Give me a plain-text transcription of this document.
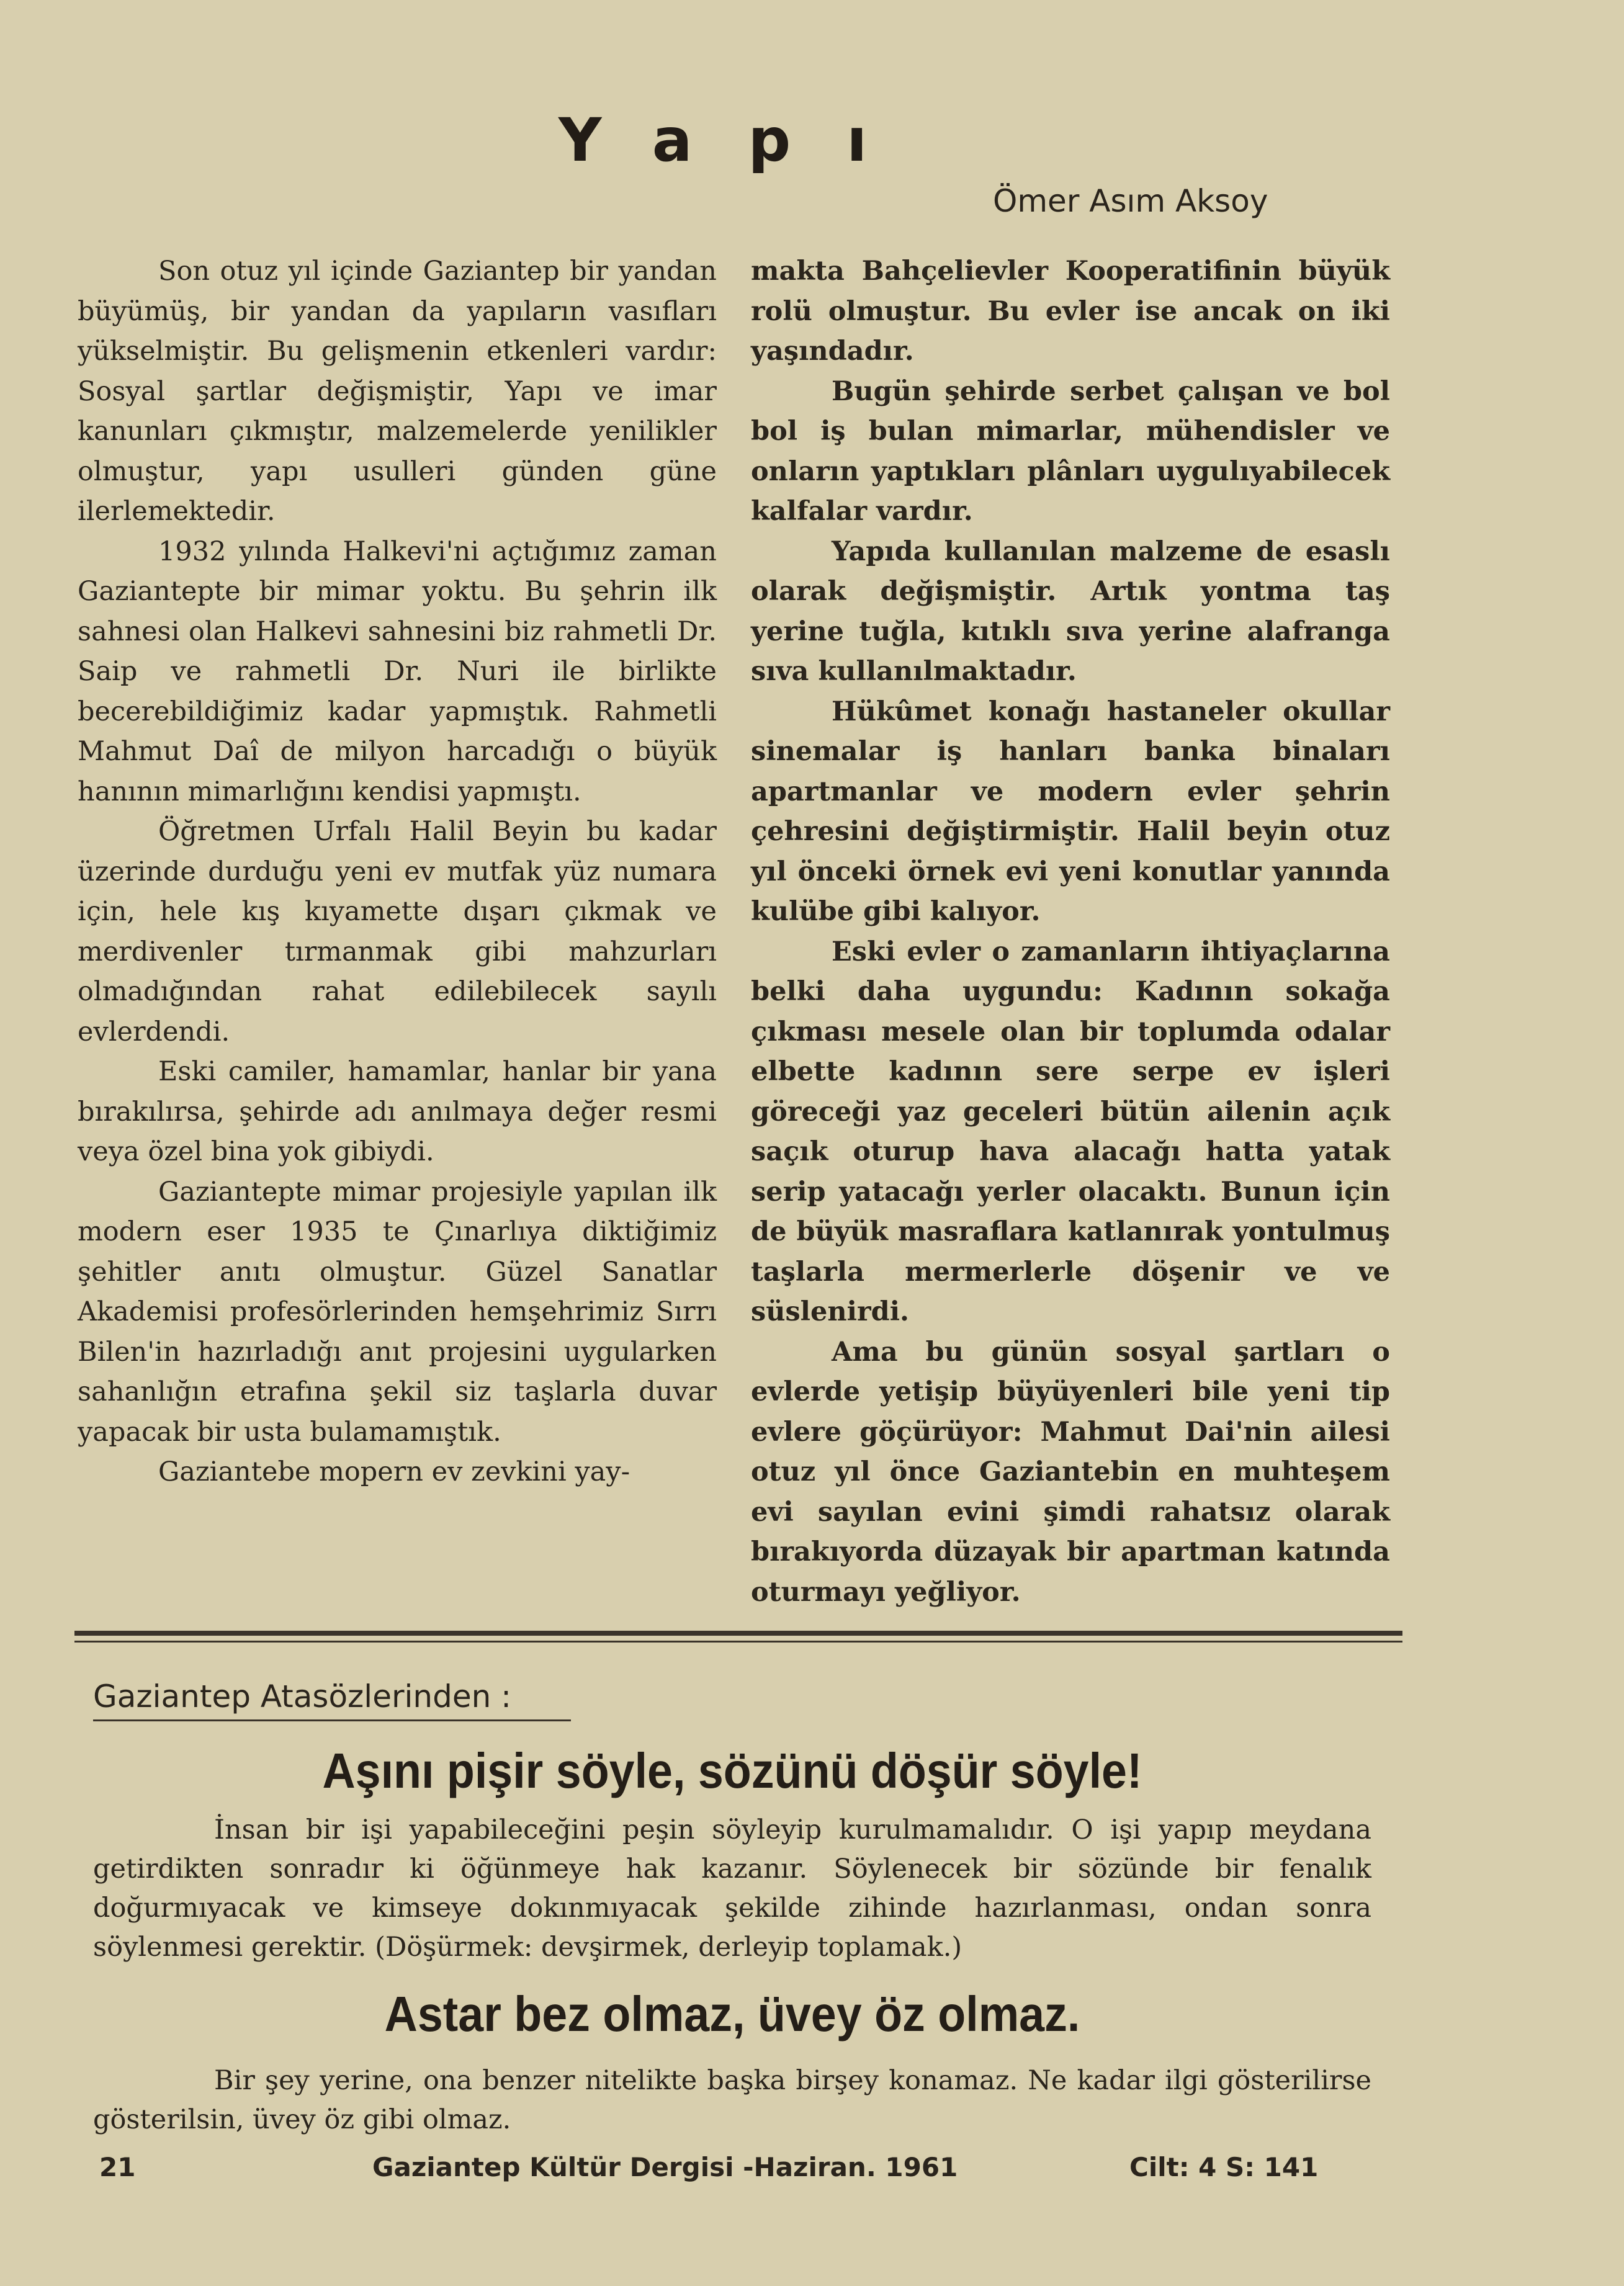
Yapı
Ömer Asım Aksoy

Son otuz yıl içinde Gaziantep bir yandan büyümüş, bir yandan da yapıların vasıfları yükselmiştir. Bu gelişmenin etkenleri vardır: Sosyal şartlar değişmiştir, Yapı ve imar kanunları çıkmıştır, malzemelerde yenilikler olmuştur, yapı usulleri günden güne ilerlemektedir.

1932 yılında Halkevi'ni açtığımız zaman Gaziantepte bir mimar yoktu. Bu şehrin ilk sahnesi olan Halkevi sahnesini biz rahmetli Dr. Saip ve rahmetli Dr. Nuri ile birlikte becerebildiğimiz kadar yapmıştık. Rahmetli Mahmut Daî de milyon harcadığı o büyük hanının mimarlığını kendisi yapmıştı.

Öğretmen Urfalı Halil Beyin bu kadar üzerinde durduğu yeni ev mutfak yüz numara için, hele kış kıyamette dışarı çıkmak ve merdivenler tırmanmak gibi mahzurları olmadığından rahat edilebilecek sayılı evlerdendi.

Eski camiler, hamamlar, hanlar bir yana bırakılırsa, şehirde adı anılmaya değer resmi veya özel bina yok gibiydi.

Gaziantepte mimar projesiyle yapılan ilk modern eser 1935 te Çınarlıya diktiğimiz şehitler anıtı olmuştur. Güzel Sanatlar Akademisi profesörlerinden hemşehrimiz Sırrı Bilen'in hazırladığı anıt projesini uygularken sahanlığın etrafına şekil siz taşlarla duvar yapacak bir usta bulamamıştık.

Gaziantebe mopern ev zevkini yay-

makta Bahçelievler Kooperatifinin büyük rolü olmuştur. Bu evler ise ancak on iki yaşındadır.

Bugün şehirde serbet çalışan ve bol bol iş bulan mimarlar, mühendisler ve onların yaptıkları plânları uygulıyabilecek kalfalar vardır.

Yapıda kullanılan malzeme de esaslı olarak değişmiştir. Artık yontma taş yerine tuğla, kıtıklı sıva yerine alafranga sıva kullanılmaktadır.

Hükûmet konağı hastaneler okullar sinemalar iş hanları banka binaları apartmanlar ve modern evler şehrin çehresini değiştirmiştir. Halil beyin otuz yıl önceki örnek evi yeni konutlar yanında kulübe gibi kalıyor.

Eski evler o zamanların ihtiyaçlarına belki daha uygundu: Kadının sokağa çıkması mesele olan bir toplumda odalar elbette kadının sere serpe ev işleri göreceği yaz geceleri bütün ailenin açık saçık oturup hava alacağı hatta yatak serip yatacağı yerler olacaktı. Bunun için de büyük masraflara katlanırak yontulmuş taşlarla mermerlerle döşenir ve ve süslenirdi.

Ama bu günün sosyal şartları o evlerde yetişip büyüyenleri bile yeni tip evlere göçürüyor: Mahmut Dai'nin ailesi otuz yıl önce Gaziantebin en muhteşem evi sayılan evini şimdi rahatsız olarak bırakıyorda düzayak bir apartman katında oturmayı yeğliyor.

Gaziantep Atasözlerinden :
Aşını pişir söyle, sözünü döşür söyle!

İnsan bir işi yapabileceğini peşin söyleyip kurulmamalıdır. O işi yapıp meydana getirdikten sonradır ki öğünmeye hak kazanır. Söylenecek bir sözünde bir fenalık doğurmıyacak ve kimseye dokınmıyacak şekilde zihinde hazırlanması, ondan sonra söylenmesi gerektir. (Döşürmek: devşirmek, derleyip toplamak.)

Astar bez olmaz, üvey öz olmaz.

Bir şey yerine, ona benzer nitelikte başka birşey konamaz. Ne kadar ilgi gösterilirse gösterilsin, üvey öz gibi olmaz.

21	Gaziantep Kültür Dergisi -Haziran. 1961	Cilt: 4 S: 141
